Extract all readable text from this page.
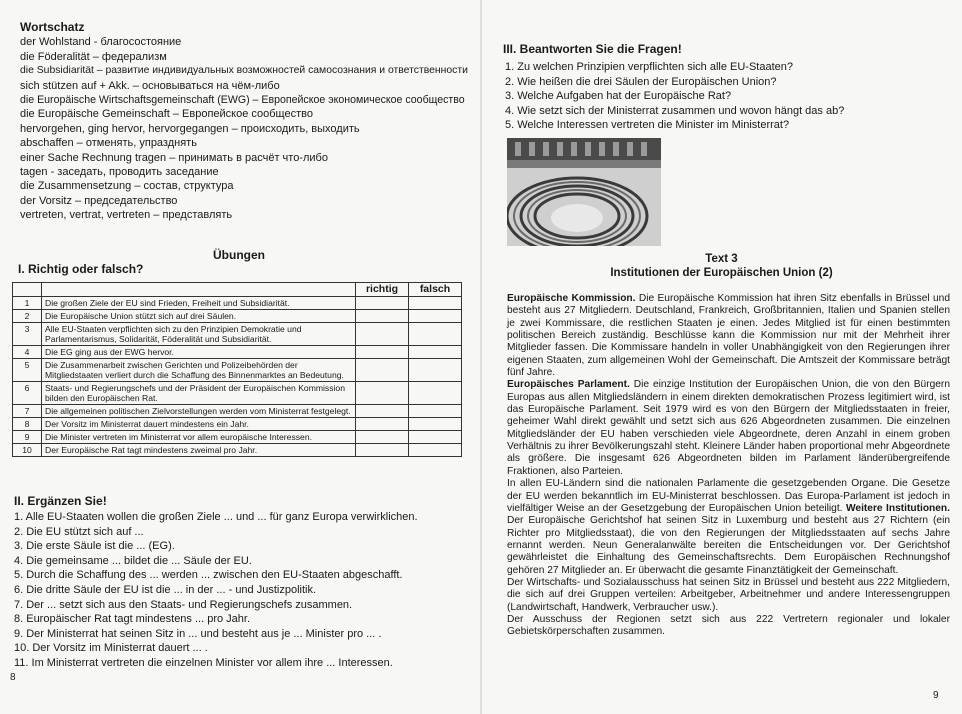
Wortschatz
der Wohlstand - благосостояние
die Föderalität – федерализм
die Subsidiarität – развитие индивидуальных возможностей самосознания и ответственности
sich stützen auf + Akk. – основываться на чём-либо
die Europäische Wirtschaftsgemeinschaft (EWG) – Европейское экономическое сообщество
die Europäische Gemeinschaft – Европейское сообщество
hervorgehen, ging hervor, hervorgegangen – происходить, выходить
abschaffen – отменять, упразднять
einer Sache Rechnung tragen – принимать в расчёт что-либо
tagen - заседать, проводить заседание
die Zusammensetzung – состав, структура
der Vorsitz – председательство
vertreten, vertrat, vertreten – представлять
Übungen
I. Richtig oder falsch?
		richtig	falsch
1	Die großen Ziele der EU sind Frieden, Freiheit und Subsidiarität.		
2	Die Europäische Union stützt sich auf drei Säulen.		
3	Alle EU-Staaten verpflichten sich zu den Prinzipien Demokratie und Parlamentarismus, Solidarität, Föderalität und Subsidiarität.		
4	Die EG ging aus der EWG hervor.		
5	Die Zusammenarbeit zwischen Gerichten und Polizeibehörden der Mitgliedstaaten verliert durch die Schaffung des Binnenmarktes an Bedeutung.		
6	Staats- und Regierungschefs und der Präsident der Europäischen Kommission bilden den Europäischen Rat.		
7	Die allgemeinen politischen Zielvorstellungen werden vom Ministerrat festgelegt.		
8	Der Vorsitz im Ministerrat dauert mindestens ein Jahr.		
9	Die Minister vertreten im Ministerrat vor allem europäische Interessen.		
10	Der Europäische Rat tagt mindestens zweimal pro Jahr.		
II. Ergänzen Sie!
1. Alle EU-Staaten wollen die großen Ziele ... und ... für ganz Europa verwirklichen.
2. Die EU stützt sich auf ...
3. Die erste Säule ist die ... (EG).
4. Die gemeinsame ... bildet die ... Säule der EU.
5. Durch die Schaffung des ... werden ... zwischen den EU-Staaten abgeschafft.
6. Die dritte Säule der EU ist die ... in der ... - und Justizpolitik.
7. Der ... setzt sich aus den Staats- und Regierungschefs zusammen.
8. Europäischer Rat tagt mindestens ... pro Jahr.
9. Der Ministerrat hat seinen Sitz in ... und besteht aus je ... Minister pro ... .
10. Der Vorsitz im Ministerrat dauert ... .
11. Im Ministerrat vertreten die einzelnen Minister vor allem ihre ... Interessen.
8
III. Beantworten Sie die Fragen!
1. Zu welchen Prinzipien verpflichten sich alle EU-Staaten?
2. Wie heißen die drei Säulen der Europäischen Union?
3. Welche Aufgaben hat der Europäische Rat?
4. Wie setzt sich der Ministerrat zusammen und wovon hängt das ab?
5. Welche Interessen vertreten die Minister im Ministerrat?
Text 3
Institutionen der Europäischen Union (2)

Europäische Kommission. Die Europäische Kommission hat ihren Sitz ebenfalls in Brüssel und besteht aus 27 Mitgliedern. Deutschland, Frankreich, Großbritannien, Italien und Spanien stellen je zwei Kommissare, die restlichen Staaten je einen. Jedes Mitglied ist für einen bestimmten politischen Bereich zuständig. Beschlüsse kann die Kommission nur mit der Mehrheit ihrer Mitglieder fassen. Die Kommissare handeln in voller Unabhängigkeit von den Regierungen ihrer eigenen Staaten, zum allgemeinen Wohl der Gemeinschaft. Die Amtszeit der Kommissare beträgt fünf Jahre.

Europäisches Parlament. Die einzige Institution der Europäischen Union, die von den Bürgern Europas aus allen Mitgliedsländern in einem direkten demokratischen Prozess legitimiert wird, ist das Europäische Parlament. Seit 1979 wird es von den Bürgern der Mitgliedsstaaten in freier, geheimer Wahl direkt gewählt und setzt sich aus 626 Abgeordneten zusammen. Die einzelnen Mitgliedsländer der EU haben verschieden viele Abgeordnete, deren Anzahl in einem groben Verhältnis zu ihrer Bevölkerungszahl steht. Kleinere Länder haben proportional mehr Abgeordnete als größere. Die insgesamt 626 Abgeordneten bilden im Parlament länderübergreifende Fraktionen, also Parteien.

In allen EU-Ländern sind die nationalen Parlamente die gesetzgebenden Organe. Die Gesetze der EU werden bekanntlich im EU-Ministerrat beschlossen. Das Europa-Parlament ist jedoch in vielfältiger Weise an der Gesetzgebung der Europäischen Union beteiligt. Weitere Institutionen. Der Europäische Gerichtshof hat seinen Sitz in Luxemburg und besteht aus 27 Richtern (ein Richter pro Mitgliedsstaat), die von den Regierungen der Mitgliedsstaaten auf sechs Jahre ernannt werden. Neun Generalanwälte bereiten die Entscheidungen vor. Der Gerichtshof gewährleistet die Einhaltung des Gemeinschaftsrechts. Dem Europäischen Rechnungshof gehören 27 Mitglieder an. Er überwacht die gesamte Finanztätigkeit der Gemeinschaft.

Der Wirtschafts- und Sozialausschuss hat seinen Sitz in Brüssel und besteht aus 222 Mitgliedern, die sich auf drei Gruppen verteilen: Arbeitgeber, Arbeitnehmer und andere Interessengruppen (Landwirtschaft, Handwerk, Verbraucher usw.).

Der Ausschuss der Regionen setzt sich aus 222 Vertretern regionaler und lokaler Gebietskörperschaften zusammen.

9
